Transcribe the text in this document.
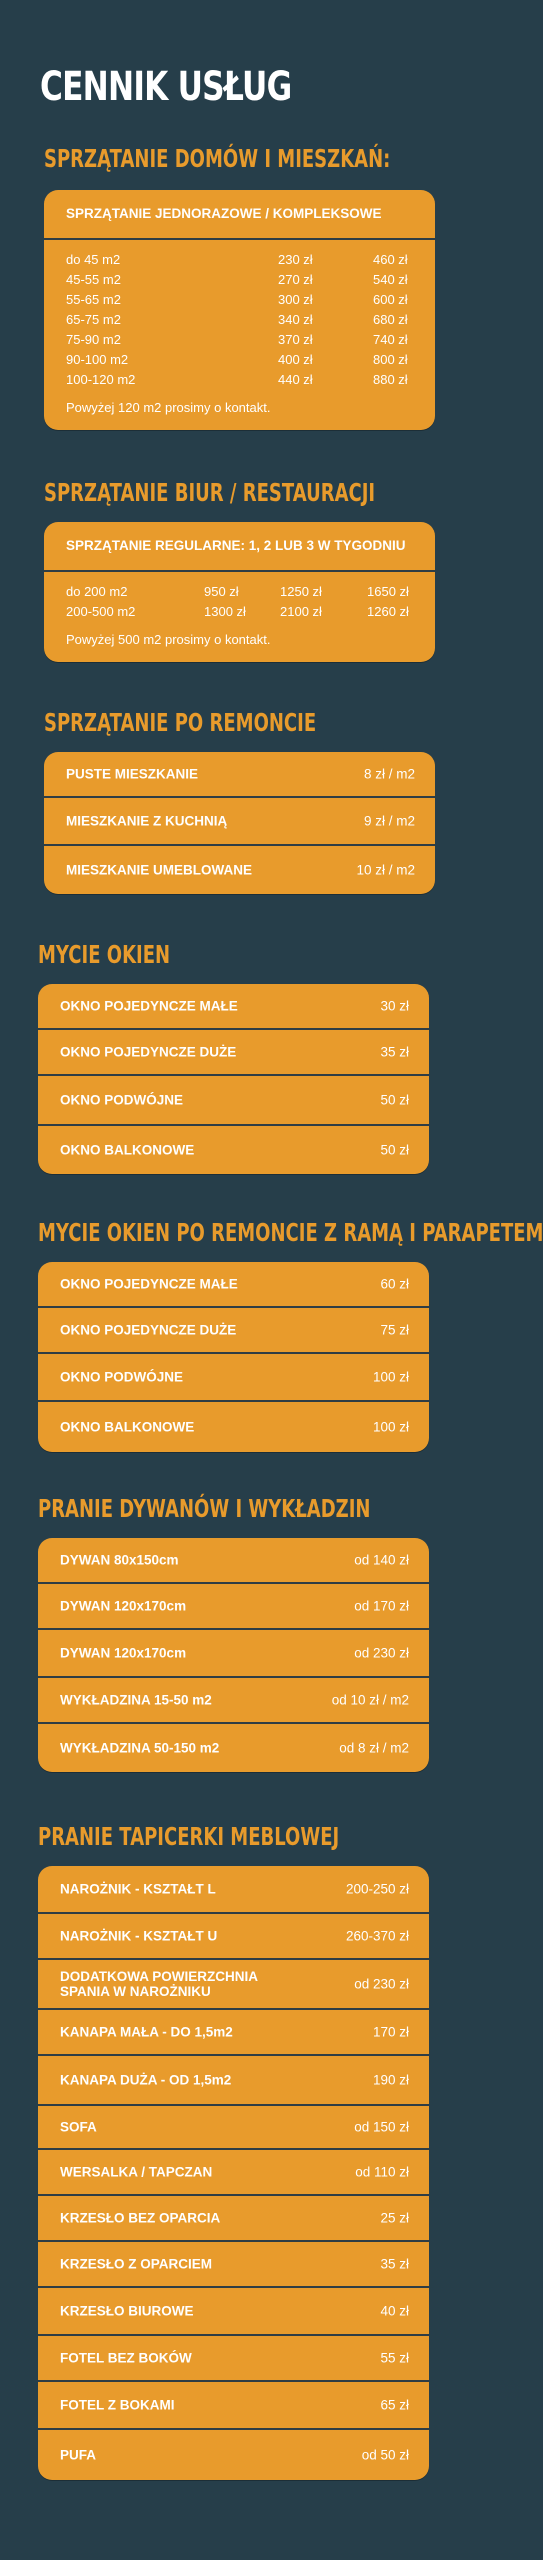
CENNIK USŁUG
SPRZĄTANIE DOMÓW I MIESZKAŃ:
SPRZĄTANIE JEDNORAZOWE / KOMPLEKSOWE
do 45 m2	230 zł	460 zł
45-55 m2	270 zł	540 zł
55-65 m2	300 zł	600 zł
65-75 m2	340 zł	680 zł
75-90 m2	370 zł	740 zł
90-100 m2	400 zł	800 zł
100-120 m2	440 zł	880 zł
Powyżej 120 m2 prosimy o kontakt.
SPRZĄTANIE BIUR / RESTAURACJI
SPRZĄTANIE REGULARNE: 1, 2 LUB 3 W TYGODNIU
do 200 m2	950 zł	1250 zł	1650 zł
200-500 m2	1300 zł	2100 zł	1260 zł
Powyżej 500 m2 prosimy o kontakt.
SPRZĄTANIE PO REMONCIE
PUSTE MIESZKANIE	8 zł / m2
MIESZKANIE Z KUCHNIĄ	9 zł / m2
MIESZKANIE UMEBLOWANE	10 zł / m2
MYCIE OKIEN
OKNO POJEDYNCZE MAŁE	30 zł
OKNO POJEDYNCZE DUŻE	35 zł
OKNO PODWÓJNE	50 zł
OKNO BALKONOWE	50 zł
MYCIE OKIEN PO REMONCIE Z RAMĄ I PARAPETEM
OKNO POJEDYNCZE MAŁE	60 zł
OKNO POJEDYNCZE DUŻE	75 zł
OKNO PODWÓJNE	100 zł
OKNO BALKONOWE	100 zł
PRANIE DYWANÓW I WYKŁADZIN
DYWAN 80x150cm	od 140 zł
DYWAN 120x170cm	od 170 zł
DYWAN 120x170cm	od 230 zł
WYKŁADZINA 15-50 m2	od 10 zł / m2
WYKŁADZINA 50-150 m2	od 8 zł / m2
PRANIE TAPICERKI MEBLOWEJ
NAROŻNIK - KSZTAŁT L	200-250 zł
NAROŻNIK - KSZTAŁT U	260-370 zł
DODATKOWA POWIERZCHNIA SPANIA W NAROŻNIKU	od 230 zł
KANAPA MAŁA - DO 1,5m2	170 zł
KANAPA DUŻA - OD 1,5m2	190 zł
SOFA	od 150 zł
WERSALKA / TAPCZAN	od 110 zł
KRZESŁO BEZ OPARCIA	25 zł
KRZESŁO Z OPARCIEM	35 zł
KRZESŁO BIUROWE	40 zł
FOTEL BEZ BOKÓW	55 zł
FOTEL Z BOKAMI	65 zł
PUFA	od 50 zł
